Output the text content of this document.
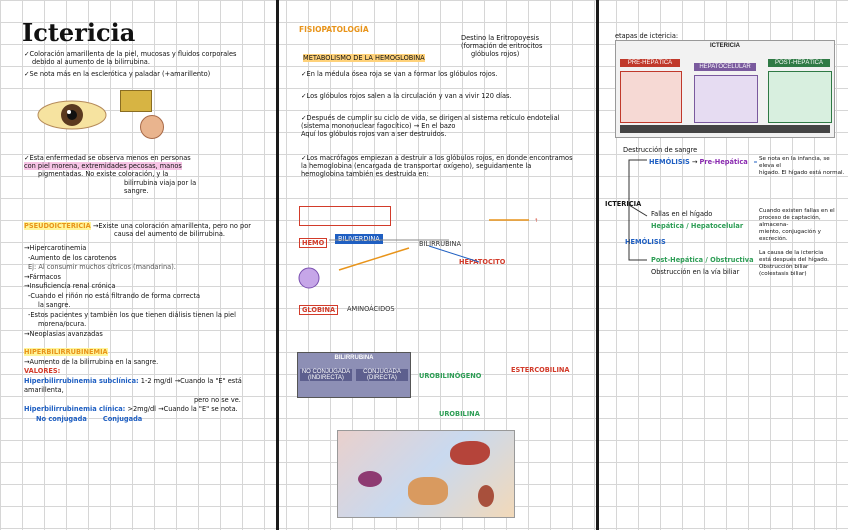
Ictericia
✓Coloración amarillenta de la piel, mucosas y fluidos corporales
debido al aumento de la bilirrubina.
✓Se nota más en la esclerótica y paladar (+amarillento)
✓Esta enfermedad se observa menos en personas
con piel morena, extremidades pecosas, manos
pigmentadas. No existe coloración, y la
bilirrubina viaja por la
sangre.
PSEUDOICTERICIA →Existe una coloración amarillenta, pero no por
causa del aumento de bilirrubina.
→Hipercarotinemia
-Aumento de los carotenos
Ej: Al consumir muchos cítricos (mandarina).
→Fármacos
→Insuficiencia renal crónica
-Cuando el riñón no está filtrando de forma correcta
la sangre.
-Estos pacientes y también los que tienen diálisis tienen la piel
morena/ocura.
→Neoplasias avanzadas
HIPERBILIRRUBINEMIA
→Aumento de la bilirrubina en la sangre.
VALORES:
Hiperbilirrubinemia subclínica: 1-2 mg/dl →Cuando la "E" está amarillenta,
pero no se ve.
Hiperbilirrubinemia clínica: >2mg/dl →Cuando la "E" se nota.
No conjugada Conjugada
FISIOPATOLOGÍA
Destino la Eritropoyesis
(formación de eritrocitos
glóbulos rojos)
METABOLISMO DE LA HEMOGLOBINA
✓En la médula ósea roja se van a formar los glóbulos rojos.
✓Los glóbulos rojos salen a la circulación y van a vivir 120 días.
✓Después de cumplir su ciclo de vida, se dirigen al sistema retículo endotelial
(sistema mononuclear fagocítico) → En el bazo
Aquí los glóbulos rojos van a ser destruidos.
✓Los macrófagos empiezan a destruir a los glóbulos rojos, en donde encontramos
la hemoglobina (encargada de transportar oxígeno), seguidamente la
hemoglobina también es destruida en:
HEMO	BILIVERDINA
BILIRRUBINA
GLOBINA	AMINOÁCIDOS
HEPATOCITO
↑
BILIRRUBINA
NO CONJUGADA (INDIRECTA)
CONJUGADA (DIRECTA)	UROBILINÓGENO
ESTERCOBILINA
UROBILINA
etapas de ictericia:
ICTERICIA
PRE-HEPÁTICA
HEPATOCELULAR
POST-HEPÁTICA
Destrucción de sangre
HEMÓLISIS → Pre-Hepática Se nota en la infancia, se eleva el
hígado. El hígado está normal.
ICTERICIA
Fallas en el hígado
Hepática / Hepatocelular
Cuando existen fallas en el
proceso de captación, almacena-
miento, conjugación y excreción.
HEMÓLISIS
Post-Hepática / Obstructiva
Obstrucción en la vía biliar
La causa de la ictericia
está después del hígado.
Obstrucción biliar
(colestasis biliar)
